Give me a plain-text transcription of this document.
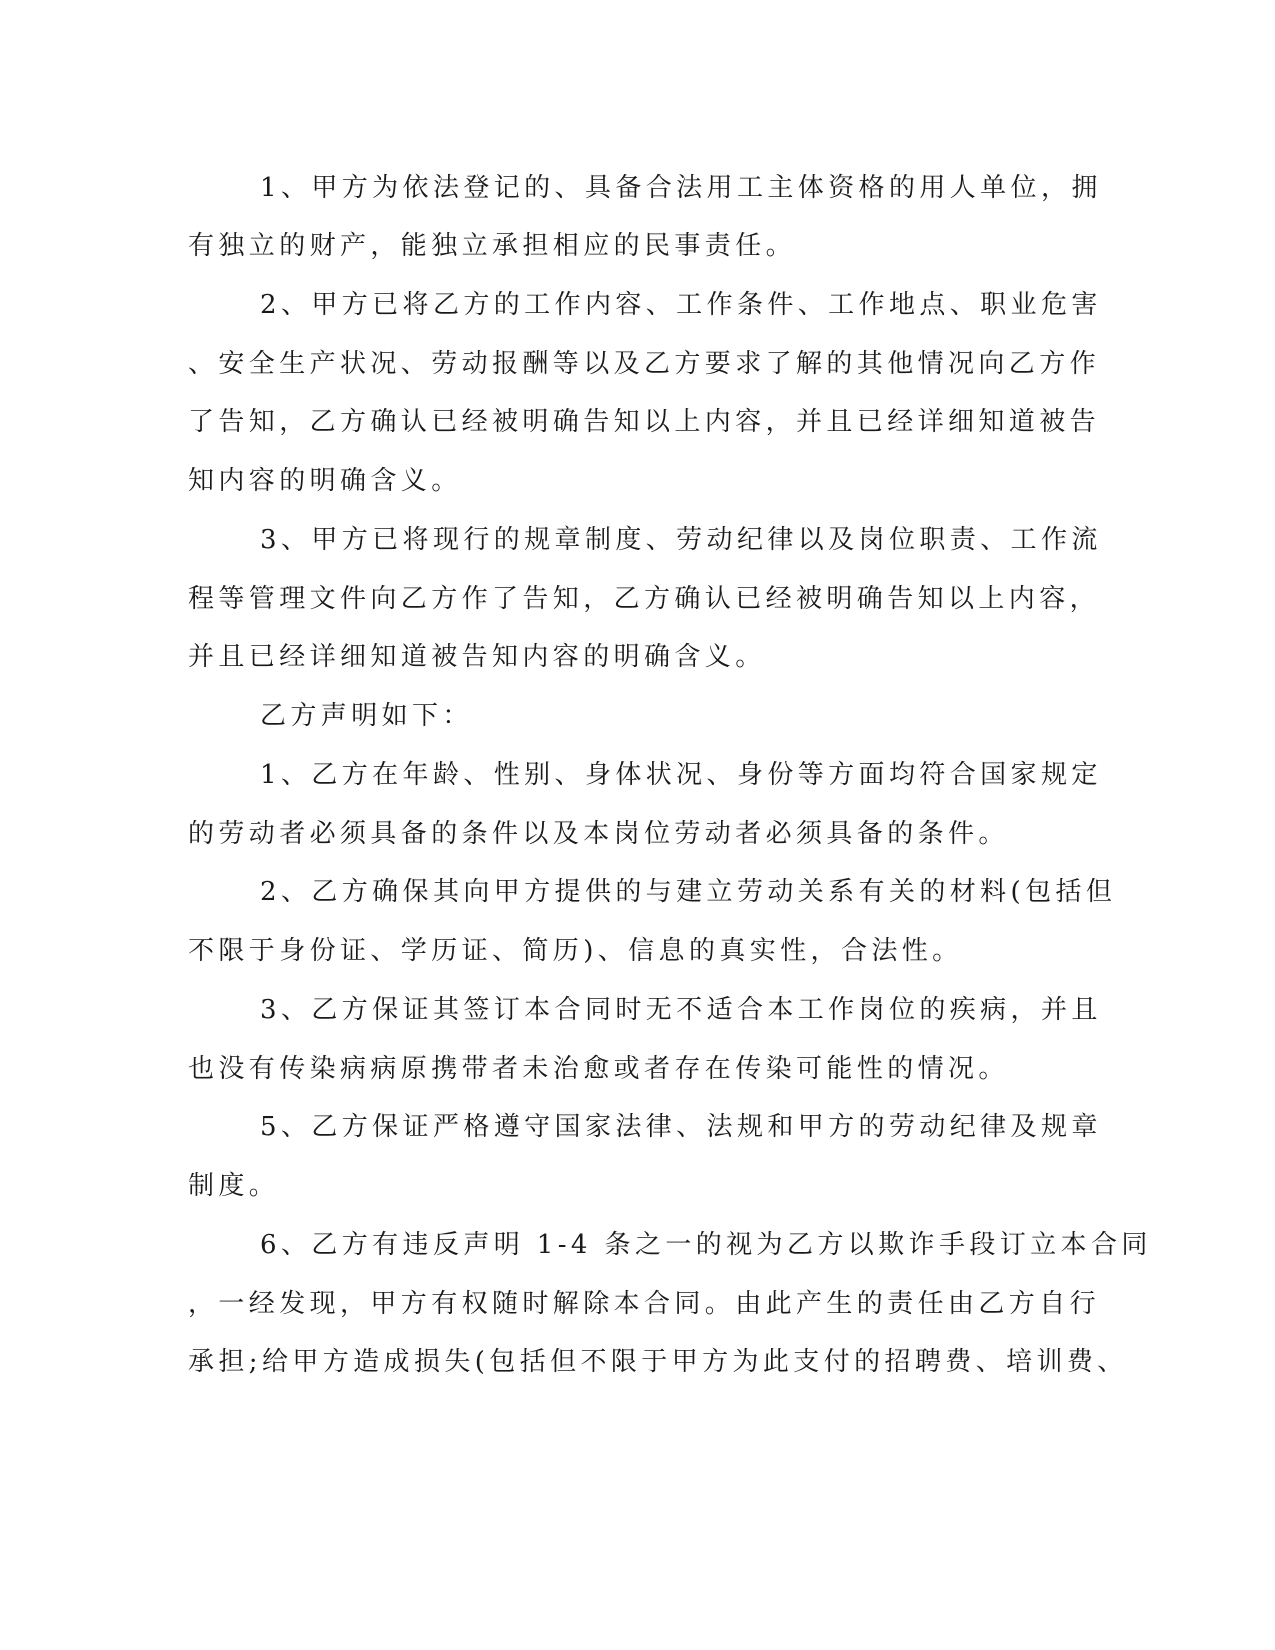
1、甲方为依法登记的、具备合法用工主体资格的用人单位，拥

有独立的财产，能独立承担相应的民事责任。

2、甲方已将乙方的工作内容、工作条件、工作地点、职业危害

、安全生产状况、劳动报酬等以及乙方要求了解的其他情况向乙方作

了告知，乙方确认已经被明确告知以上内容，并且已经详细知道被告

知内容的明确含义。

3、甲方已将现行的规章制度、劳动纪律以及岗位职责、工作流

程等管理文件向乙方作了告知，乙方确认已经被明确告知以上内容，

并且已经详细知道被告知内容的明确含义。

乙方声明如下：

1、乙方在年龄、性别、身体状况、身份等方面均符合国家规定

的劳动者必须具备的条件以及本岗位劳动者必须具备的条件。

2、乙方确保其向甲方提供的与建立劳动关系有关的材料(包括但

不限于身份证、学历证、简历)、信息的真实性，合法性。

3、乙方保证其签订本合同时无不适合本工作岗位的疾病，并且

也没有传染病病原携带者未治愈或者存在传染可能性的情况。

5、乙方保证严格遵守国家法律、法规和甲方的劳动纪律及规章

制度。

6、乙方有违反声明 1-4 条之一的视为乙方以欺诈手段订立本合同

，一经发现，甲方有权随时解除本合同。由此产生的责任由乙方自行

承担;给甲方造成损失(包括但不限于甲方为此支付的招聘费、培训费、
